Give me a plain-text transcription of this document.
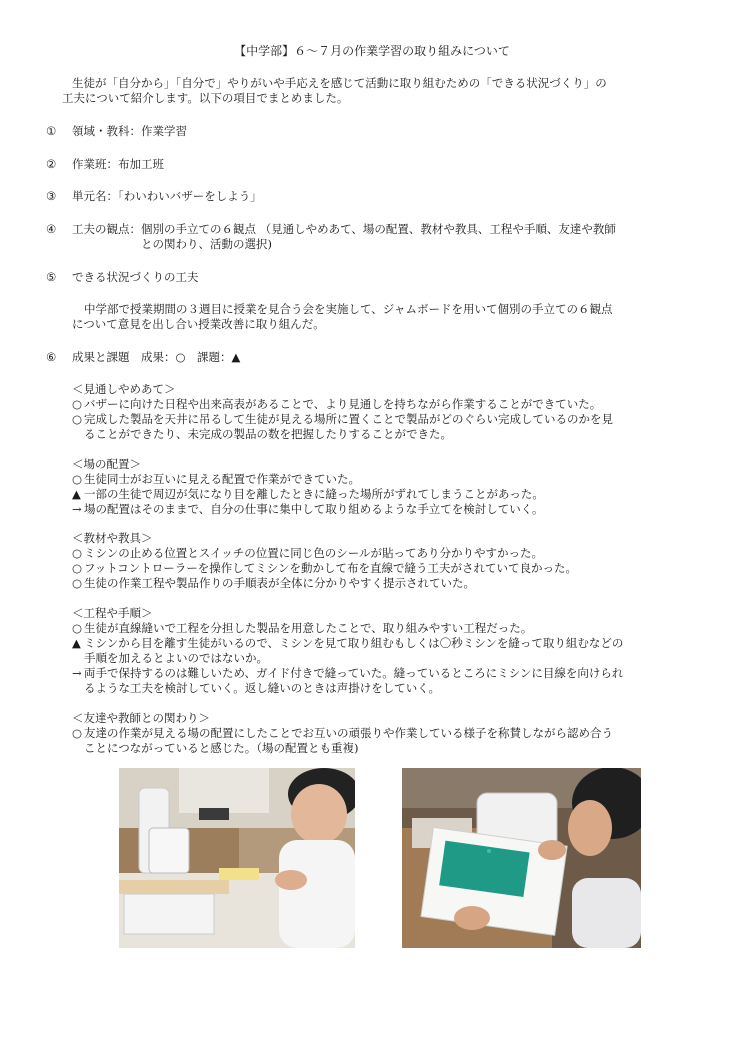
【中学部】６～７月の作業学習の取り組みについて

生徒が「自分から」「自分で」やりがいや手応えを感じて活動に取り組むための「できる状況づくり」の

工夫について紹介します。以下の項目でまとめました。

①	領域・教科：作業学習
②	作業班：布加工班
③	単元名：「わいわいバザーをしよう」
④	工夫の観点： 個別の手立ての６観点 （見通しやめあて、場の配置、教材や教具、工程や手順、友達や教師
との関わり、活動の選択)
⑤	できる状況づくりの工夫
中学部で授業期間の３週目に授業を見合う会を実施して、ジャムボードを用いて個別の手立ての６観点
について意見を出し合い授業改善に取り組んだ。
⑥	成果と課題　成果：○　課題：▲
＜見通しやめあて＞
○ バザーに向けた日程や出来高表があることで、より見通しを持ちながら作業することができていた。
○ 完成した製品を天井に吊るして生徒が見える場所に置くことで製品がどのぐらい完成しているのかを見
ることができたり、未完成の製品の数を把握したりすることができた。
＜場の配置＞
○ 生徒同士がお互いに見える配置で作業ができていた。
▲ 一部の生徒で周辺が気になり目を離したときに縫った場所がずれてしまうことがあった。
→ 場の配置はそのままで、自分の仕事に集中して取り組めるような手立てを検討していく。
＜教材や教具＞
○ ミシンの止める位置とスイッチの位置に同じ色のシールが貼ってあり分かりやすかった。
○ フットコントローラーを操作してミシンを動かして布を直線で縫う工夫がされていて良かった。
○ 生徒の作業工程や製品作りの手順表が全体に分かりやすく提示されていた。
＜工程や手順＞
○ 生徒が直線縫いで工程を分担した製品を用意したことで、取り組みやすい工程だった。
▲ ミシンから目を離す生徒がいるので、ミシンを見て取り組むもしくは〇秒ミシンを縫って取り組むなどの
手順を加えるとよいのではないか。
→ 両手で保持するのは難しいため、ガイド付きで縫っていた。縫っているところにミシンに目線を向けられ
るような工夫を検討していく。返し縫いのときは声掛けをしていく。
＜友達や教師との関わり＞
○ 友達の作業が見える場の配置にしたことでお互いの頑張りや作業している様子を称賛しながら認め合う
ことにつながっていると感じた。（場の配置とも重複)
